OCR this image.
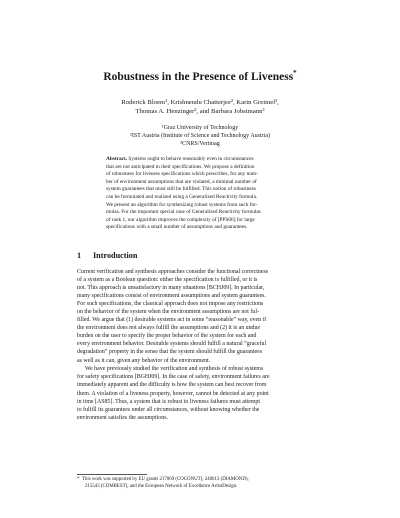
Robustness in the Presence of Liveness*
Roderick Bloem¹, Krishnendu Chatterjee², Karin Greimel¹,
Thomas A. Henzinger², and Barbara Jobstmann³
¹Graz University of Technology
²IST Austria (Institute of Science and Technology Austria)
³CNRS/Verimag
Abstract. Systems ought to behave reasonably even in circumstances
that are not anticipated in their specifications. We propose a definition
of robustness for liveness specifications which prescribes, for any num-
ber of environment assumptions that are violated, a minimal number of
system guarantees that must still be fulfilled. This notion of robustness
can be formulated and realized using a Generalized Reactivity formula.
We present an algorithm for synthesizing robust systems from such for-
mulas. For the important special case of Generalized Reactivity formulas
of rank 1, our algorithm improves the complexity of [PPS06] for large
specifications with a small number of assumptions and guarantees.
1 Introduction
Current verification and synthesis approaches consider the functional correctness
of a system as a Boolean question: either the specification is fulfilled, or it is
not. This approach is unsatisfactory in many situations [BCHJ09]. In particular,
many specifications consist of environment assumptions and system guarantees.
For such specifications, the classical approach does not impose any restrictions
on the behavior of the system when the environment assumptions are not ful-
filled. We argue that (1) desirable systems act in some “reasonable” way, even if
the environment does not always fulfill the assumptions and (2) it is an undue
burden on the user to specify the proper behavior of the system for each and
every environment behavior. Desirable systems should fulfill a natural “graceful
degradation” property in the sense that the system should fulfill the guarantees
as well as it can, given any behavior of the environment.
We have previously studied the verification and synthesis of robust systems
for safety specifications [BGHJ09]. In the case of safety, environment failures are
immediately apparent and the difficulty is how the system can best recover from
them. A violation of a liveness property, however, cannot be detected at any point
in time [AS85]. Thus, a system that is robust to liveness failures must attempt
to fulfill its guarantees under all circumstances, without knowing whether the
environment satisfies the assumptions.
* This work was supported by EU grants 217069 (COCONUT), 248613 (DIAMOND),
215543 (COMBEST), and the European Network of Excellence ArtistDesign.
